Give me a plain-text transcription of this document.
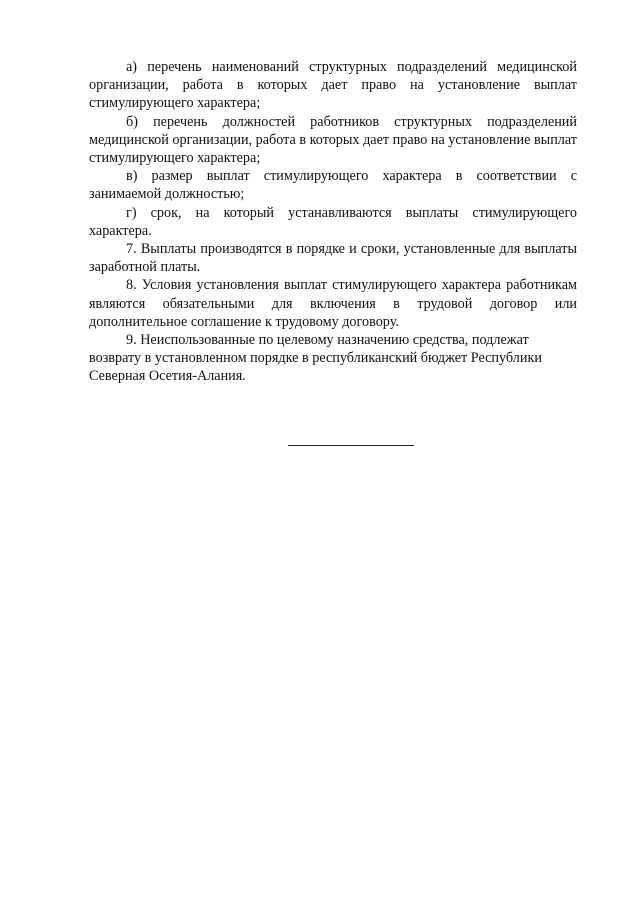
а) перечень наименований структурных подразделений медицинской организации, работа в которых дает право на установление выплат стимулирующего характера;

б) перечень должностей работников структурных подразделений медицинской организации, работа в которых дает право на установление выплат стимулирующего характера;

в) размер выплат стимулирующего характера в соответствии с занимаемой должностью;

г) срок, на который устанавливаются выплаты стимулирующего характера.

7. Выплаты производятся в порядке и сроки, установленные для выплаты заработной платы.

8. Условия установления выплат стимулирующего характера работникам являются обязательными для включения в трудовой договор или дополнительное соглашение к трудовому договору.

9. Неиспользованные по целевому назначению средства, подлежат возврату в установленном порядке в республиканский бюджет Республики Северная Осетия-Алания.
